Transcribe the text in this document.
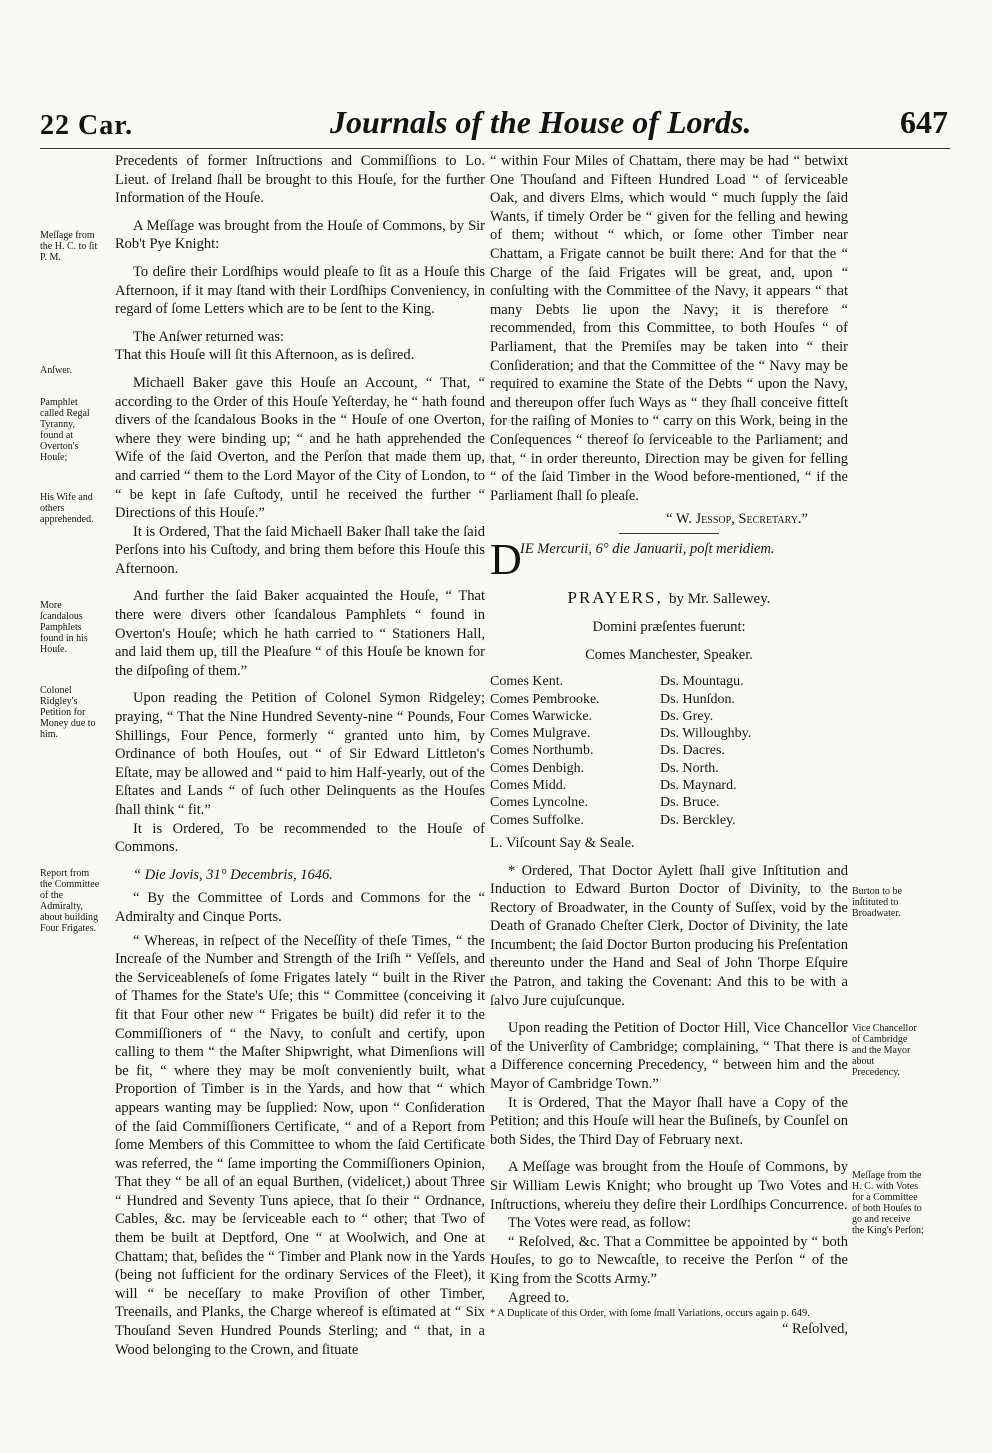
22 Car.	Journals of the House of Lords.	647
Meſſage from the H. C. to ſit P. M.
Anſwer.
Pamphlet called Regal Tyranny, found at Overton's Houſe;
His Wife and others apprehended.
More ſcandalous Pamphlets found in his Houſe.
Colonel Ridgley's Petition for Money due to him.
Report from the Committee of the Admiralty, about building Four Frigates.
Burton to be inſtituted to Broadwater.
Vice Chancellor of Cambridge and the Mayor about Precedency.
Meſſage from the H. C. with Votes for a Committee of both Houſes to go and receive the King's Perſon;

Precedents of former Inſtructions and Commiſſions to Lo. Lieut. of Ireland ſhall be brought to this Houſe, for the further Information of the Houſe.

A Meſſage was brought from the Houſe of Commons, by Sir Rob't Pye Knight:

To deſire their Lordſhips would pleaſe to ſit as a Houſe this Afternoon, if it may ſtand with their Lordſhips Conveniency, in regard of ſome Letters which are to be ſent to the King.

The Anſwer returned was:

That this Houſe will ſit this Afternoon, as is deſired.

Michaell Baker gave this Houſe an Account, “ That, “ according to the Order of this Houſe Yeſterday, he “ hath found divers of the ſcandalous Books in the “ Houſe of one Overton, where they were binding up; “ and he hath apprehended the Wife of the ſaid Overton, and the Perſon that made them up, and carried “ them to the Lord Mayor of the City of London, to “ be kept in ſafe Cuſtody, until he received the further “ Directions of this Houſe.”

It is Ordered, That the ſaid Michaell Baker ſhall take the ſaid Perſons into his Cuſtody, and bring them before this Houſe this Afternoon.

And further the ſaid Baker acquainted the Houſe, “ That there were divers other ſcandalous Pamphlets “ found in Overton's Houſe; which he hath carried to “ Stationers Hall, and laid them up, till the Pleaſure “ of this Houſe be known for the diſpoſing of them.”

Upon reading the Petition of Colonel Symon Ridgeley; praying, “ That the Nine Hundred Seventy-nine “ Pounds, Four Shillings, Four Pence, formerly “ granted unto him, by Ordinance of both Houſes, out “ of Sir Edward Littleton's Eſtate, may be allowed and “ paid to him Half-yearly, out of the Eſtates and Lands “ of ſuch other Delinquents as the Houſes ſhall think “ fit.”

It is Ordered, To be recommended to the Houſe of Commons.

“ Die Jovis, 31° Decembris, 1646.

“ By the Committee of Lords and Commons for the “ Admiralty and Cinque Ports.

“ Whereas, in reſpect of the Neceſſity of theſe Times, “ the Increaſe of the Number and Strength of the Iriſh “ Veſſels, and the Serviceableneſs of ſome Frigates lately “ built in the River of Thames for the State's Uſe; this “ Committee (conceiving it fit that Four other new “ Frigates be built) did refer it to the Commiſſioners of “ the Navy, to conſult and certify, upon calling to them “ the Maſter Shipwright, what Dimenſions will be fit, “ where they may be moſt conveniently built, what Proportion of Timber is in the Yards, and how that “ which appears wanting may be ſupplied: Now, upon “ Conſideration of the ſaid Commiſſioners Certificate, “ and of a Report from ſome Members of this Committee to whom the ſaid Certificate was referred, the “ ſame importing the Commiſſioners Opinion, That they “ be all of an equal Burthen, (videlicet,) about Three “ Hundred and Seventy Tuns apiece, that ſo their “ Ordnance, Cables, &c. may be ſerviceable each to “ other; that Two of them be built at Deptford, One “ at Woolwich, and One at Chattam; that, beſides the “ Timber and Plank now in the Yards (being not ſufficient for the ordinary Services of the Fleet), it will “ be neceſſary to make Proviſion of other Timber, Treenails, and Planks, the Charge whereof is eſtimated at “ Six Thouſand Seven Hundred Pounds Sterling; and “ that, in a Wood belonging to the Crown, and ſituate

“ within Four Miles of Chattam, there may be had “ betwixt One Thouſand and Fifteen Hundred Load “ of ſerviceable Oak, and divers Elms, which would “ much ſupply the ſaid Wants, if timely Order be “ given for the felling and hewing of them; without “ which, or ſome other Timber near Chattam, a Frigate cannot be built there: And for that the “ Charge of the ſaid Frigates will be great, and, upon “ conſulting with the Committee of the Navy, it appears “ that many Debts lie upon the Navy; it is therefore “ recommended, from this Committee, to both Houſes “ of Parliament, that the Premiſes may be taken into “ their Conſideration; and that the Committee of the “ Navy may be required to examine the State of the Debts “ upon the Navy, and thereupon offer ſuch Ways as “ they ſhall conceive fitteſt for the raiſing of Monies to “ carry on this Work, being in the Conſequences “ thereof ſo ſerviceable to the Parliament; and that, “ in order thereunto, Direction may be given for felling “ of the ſaid Timber in the Wood before-mentioned, “ if the Parliament ſhall ſo pleaſe.

“ W. Jessop, Secretary.”

D
IE Mercurii, 6° die Januarii, poſt meridiem.

PRAYERS, by Mr. Sallewey.

Domini præſentes fuerunt:

Comes Manchester, Speaker.

Comes Kent.
Comes Pembrooke.
Comes Warwicke.
Comes Mulgrave.
Comes Northumb.
Comes Denbigh.
Comes Midd.
Comes Lyncolne.
Comes Suffolke.
Ds. Mountagu.
Ds. Hunſdon.
Ds. Grey.
Ds. Willoughby.
Ds. Dacres.
Ds. North.
Ds. Maynard.
Ds. Bruce.
Ds. Berckley.

L. Viſcount Say & Seale.

* Ordered, That Doctor Aylett ſhall give Inſtitution and Induction to Edward Burton Doctor of Divinity, to the Rectory of Broadwater, in the County of Suſſex, void by the Death of Granado Cheſter Clerk, Doctor of Divinity, the late Incumbent; the ſaid Doctor Burton producing his Preſentation thereunto under the Hand and Seal of John Thorpe Eſquire the Patron, and taking the Covenant: And this to be with a ſalvo Jure cujuſcunque.

Upon reading the Petition of Doctor Hill, Vice Chancellor of the Univerſity of Cambridge; complaining, “ That there is a Difference concerning Precedency, “ between him and the Mayor of Cambridge Town.”

It is Ordered, That the Mayor ſhall have a Copy of the Petition; and this Houſe will hear the Buſineſs, by Counſel on both Sides, the Third Day of February next.

A Meſſage was brought from the Houſe of Commons, by Sir William Lewis Knight; who brought up Two Votes and Inſtructions, whereiu they deſire their Lordſhips Concurrence.

The Votes were read, as follow:

“ Reſolved, &c. That a Committee be appointed by “ both Houſes, to go to Newcaſtle, to receive the Perſon “ of the King from the Scotts Army.”

Agreed to.

* A Duplicate of this Order, with ſome ſmall Variations, occurs again p. 649.

“ Reſolved,
